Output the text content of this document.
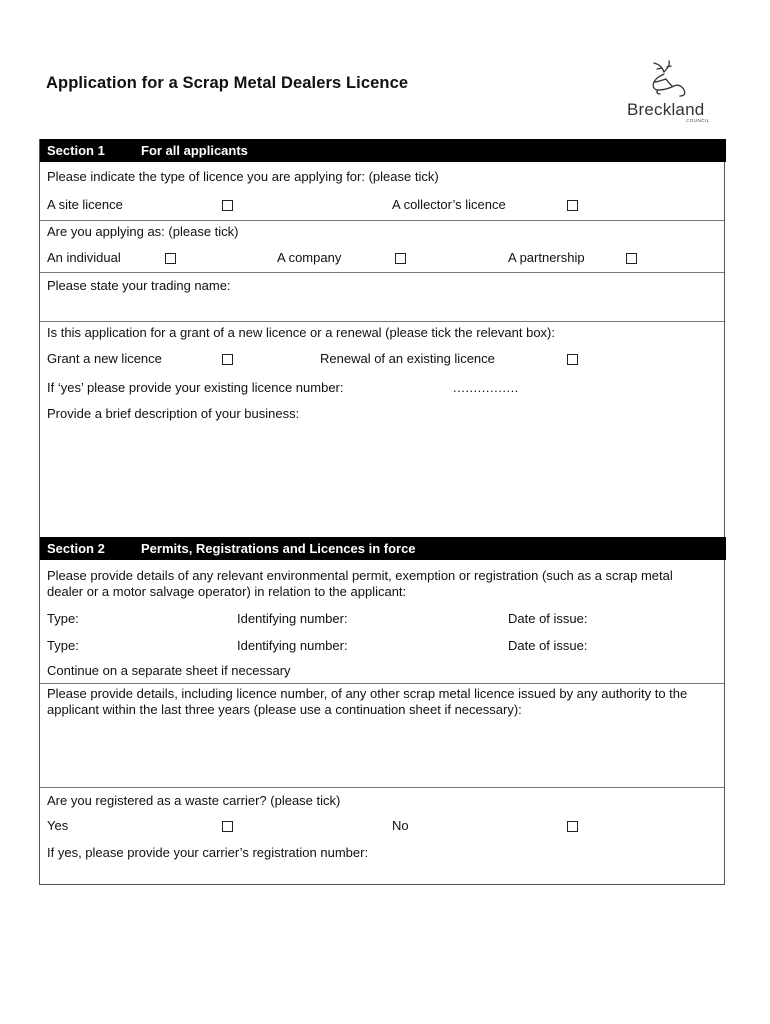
Application for a Scrap Metal Dealers Licence
Breckland
COUNCIL
Section 1	For all applicants
Please indicate the type of licence you are applying for: (please tick)
A site licence	A collector’s licence
Are you applying as: (please tick)
An individual	A company	A partnership
Please state your trading name:
Is this application for a grant of a new licence or a renewal (please tick the relevant box):
Grant a new licence	Renewal of an existing licence
If ‘yes’ please provide your existing licence number:	................
Provide a brief description of your business:
Section 2	Permits, Registrations and Licences in force
Please provide details of any relevant environmental permit, exemption or registration (such as a scrap metal dealer or a motor salvage operator) in relation to the applicant:
Type:	Identifying number:	Date of issue:
Type:	Identifying number:	Date of issue:
Continue on a separate sheet if necessary
Please provide details, including licence number, of any other scrap metal licence issued by any authority to the applicant within the last three years (please use a continuation sheet if necessary):
Are you registered as a waste carrier? (please tick)
Yes	No
If yes, please provide your carrier’s registration number:
